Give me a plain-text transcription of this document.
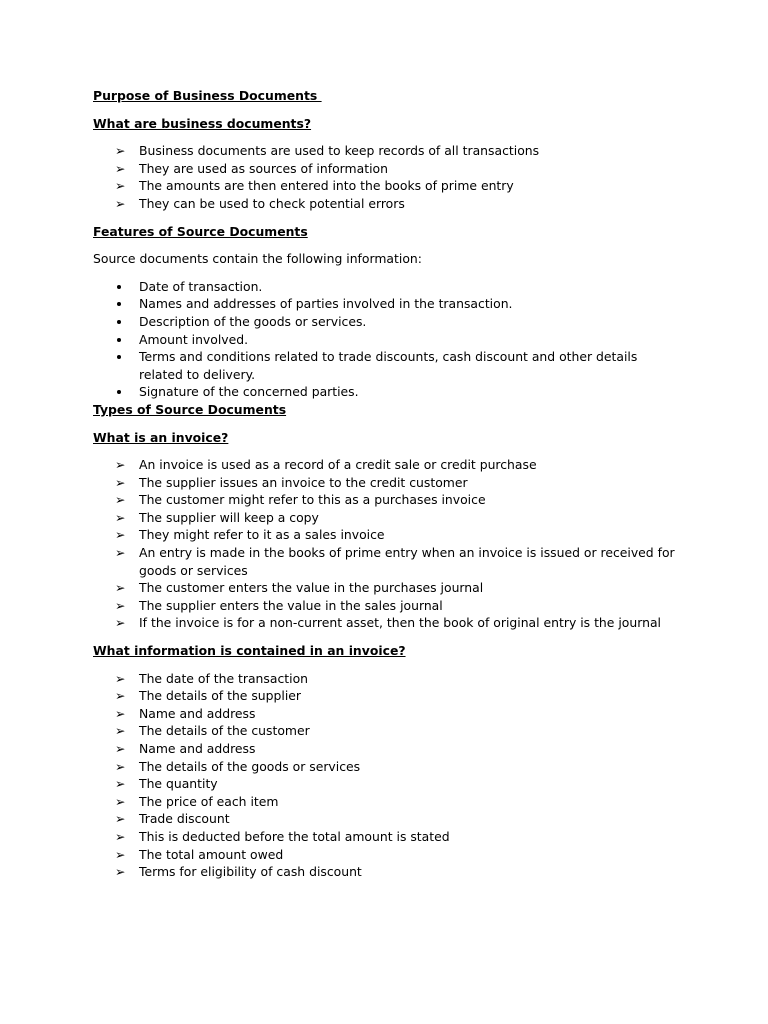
Purpose of Business Documents

What are business documents?

➢ Business documents are used to keep records of all transactions
➢ They are used as sources of information
➢ The amounts are then entered into the books of prime entry
➢ They can be used to check potential errors

Features of Source Documents

Source documents contain the following information:

Date of transaction.
Names and addresses of parties involved in the transaction.
Description of the goods or services.
Amount involved.
Terms and conditions related to trade discounts, cash discount and other details related to delivery.
Signature of the concerned parties.

Types of Source Documents

What is an invoice?

➢ An invoice is used as a record of a credit sale or credit purchase
➢ The supplier issues an invoice to the credit customer
➢ The customer might refer to this as a purchases invoice
➢ The supplier will keep a copy
➢ They might refer to it as a sales invoice
➢ An entry is made in the books of prime entry when an invoice is issued or received for goods or services
➢ The customer enters the value in the purchases journal
➢ The supplier enters the value in the sales journal
➢ If the invoice is for a non-current asset, then the book of original entry is the journal

What information is contained in an invoice?

➢ The date of the transaction
➢ The details of the supplier
➢ Name and address
➢ The details of the customer
➢ Name and address
➢ The details of the goods or services
➢ The quantity
➢ The price of each item
➢ Trade discount
➢ This is deducted before the total amount is stated
➢ The total amount owed
➢ Terms for eligibility of cash discount
